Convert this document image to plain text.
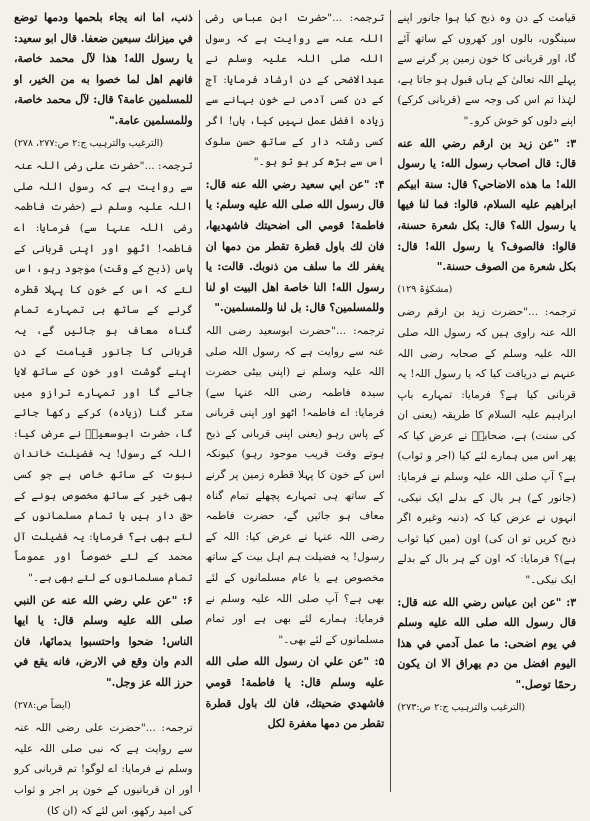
قیامت کے دن وہ ذبح کیا ہوا جانور اپنے سینگوں، بالوں اور کھروں کے ساتھ آئے گا، اور قربانی کا خون زمین پر گرنے سے پہلے اللہ تعالیٰ کے ہاں قبول ہو جاتا ہے، لہٰذا تم اس کی وجہ سے (قربانی کرکے) اپنے دلوں کو خوش کرو۔"
۳: "عن زيد بن ارقم رضي الله عنه قال: قال اصحاب رسول الله: يا رسول الله! ما هذه الاضاحي؟ قال: سنة ابيكم ابراهيم عليه السلام، قالوا: فما لنا فيها يا رسول الله؟ قال: بكل شعرة حسنة، قالوا: فالصوف؟ يا رسول الله! قال: بكل شعرة من الصوف حسنة."
(مشکوٰۃ ۱۲۹)
ترجمہ: ..."حضرت زید بن ارقم رضی اللہ عنہ راوی ہیں کہ رسول اللہ صلی اللہ علیہ وسلم کے صحابہ رضی اللہ عنہم نے دریافت کیا کہ یا رسول اللہ! یہ قربانی کیا ہے؟ فرمایا: تمہارے باپ ابراہیم علیہ السلام کا طریقہ (یعنی ان کی سنت) ہے، صحابہؓ نے عرض کیا کہ پھر اس میں ہمارے لئے کیا (اجر و ثواب) ہے؟ آپ صلی اللہ علیہ وسلم نے فرمایا: (جانور کے) ہر بال کے بدلے ایک نیکی، انہوں نے عرض کیا کہ (دنبہ وغیرہ اگر ذبح کریں تو ان کی) اون (میں کیا ثواب ہے)؟ فرمایا: کہ اون کے ہر بال کے بدلے ایک نیکی۔"
۳: "عن ابن عباس رضي الله عنه قال: قال رسول الله صلى الله عليه وسلم في يوم اضحى: ما عمل آدمي في هذا اليوم افضل من دم يهراق الا ان يكون رحمًا توصل."
(الترغیب والترہیب ج:۲ ص:۲۷۳)
ترجمہ: ..."حضرت ابن عباس رضی اللہ عنہ سے روایت ہے کہ رسول اللہ صلی اللہ علیہ وسلم نے عیدالاضحی کے دن ارشاد فرمایا: آج کے دن کسی آدمی نے خون بہانے سے زیادہ افضل عمل نہیں کیا، ہاں! اگر کسی رشتہ دار کے ساتھ حسن سلوک اس سے بڑھ کر ہو تو ہو۔"
۴: "عن ابي سعيد رضي الله عنه قال: قال رسول الله صلى الله عليه وسلم: يا فاطمة! قومي الى اضحيتك فاشهديها، فان لك باول قطرة تقطر من دمها ان يغفر لك ما سلف من ذنوبك. قالت: يا رسول الله! النا خاصة اهل البيت او لنا وللمسلمين؟ قال: بل لنا وللمسلمين."
ترجمہ: ..."حضرت ابوسعید رضی اللہ عنہ سے روایت ہے کہ رسول اللہ صلی اللہ علیہ وسلم نے (اپنی بیٹی حضرت سیدہ فاطمہ رضی اللہ عنہا سے) فرمایا: اے فاطمہ! اٹھو اور اپنی قربانی کے پاس رہو (یعنی اپنی قربانی کے ذبح ہوتے وقت قریب موجود رہو) کیونکہ اس کے خون کا پہلا قطرہ زمین پر گرنے کے ساتھ ہی تمہارے پچھلے تمام گناہ معاف ہو جائیں گے، حضرت فاطمہ رضی اللہ عنہا نے عرض کیا: اللہ کے رسول! یہ فضیلت ہم اہل بیت کے ساتھ مخصوص ہے یا عام مسلمانوں کے لئے بھی ہے؟ آپ صلی اللہ علیہ وسلم نے فرمایا: ہمارے لئے بھی ہے اور تمام مسلمانوں کے لئے بھی۔"
۵: "عن علي ان رسول الله صلى الله عليه وسلم قال: يا فاطمة! قومي فاشهدي ضحيتك، فان لك باول قطرة تقطر من دمها مغفرة لكل
ذنب، اما انه يجاء بلحمها ودمها توضع في ميزانك سبعين ضعفا. قال ابو سعيد: يا رسول الله! هذا لآل محمد خاصة، فانهم اهل لما خصوا به من الخير، او للمسلمين عامة؟ قال: لآل محمد خاصة، وللمسلمين عامة."
(الترغیب والترہیب ج:۲ ص:۲۷۷، ۲۷۸)
ترجمہ: ..."حضرت علی رضی اللہ عنہ سے روایت ہے کہ رسول اللہ صلی اللہ علیہ وسلم نے (حضرت فاطمہ رضی اللہ عنہا سے) فرمایا: اے فاطمہ! اٹھو اور اپنی قربانی کے پاس (ذبح کے وقت) موجود رہو، اس لئے کہ اس کے خون کا پہلا قطرہ گرنے کے ساتھ ہی تمہارے تمام گناہ معاف ہو جائیں گے، یہ قربانی کا جانور قیامت کے دن اپنے گوشت اور خون کے ساتھ لایا جائے گا اور تمہارے ترازو میں ستر گنا (زیادہ) کرکے رکھا جائے گا، حضرت ابوسعیدؓ نے عرض کیا: اللہ کے رسول! یہ فضیلت خاندان نبوت کے ساتھ خاص ہے جو کسی بھی خیر کے ساتھ مخصوص ہونے کے حق دار ہیں یا تمام مسلمانوں کے لئے بھی ہے؟ فرمایا: یہ فضیلت آل محمد کے لئے خصوصاً اور عموماً تمام مسلمانوں کے لئے بھی ہے۔"
۶: "عن علي رضي الله عنه عن النبي صلى الله عليه وسلم قال: يا ايها الناس! ضحوا واحتسبوا بدمائها، فان الدم وان وقع في الارض، فانه يقع في حرز الله عز وجل."
(ایضاً ص:۲۷۸)
ترجمہ: ..."حضرت علی رضی اللہ عنہ سے روایت ہے کہ نبی صلی اللہ علیہ وسلم نے فرمایا: اے لوگو! تم قربانی کرو اور ان قربانیوں کے خون پر اجر و ثواب کی امید رکھو، اس لئے کہ (ان کا)
